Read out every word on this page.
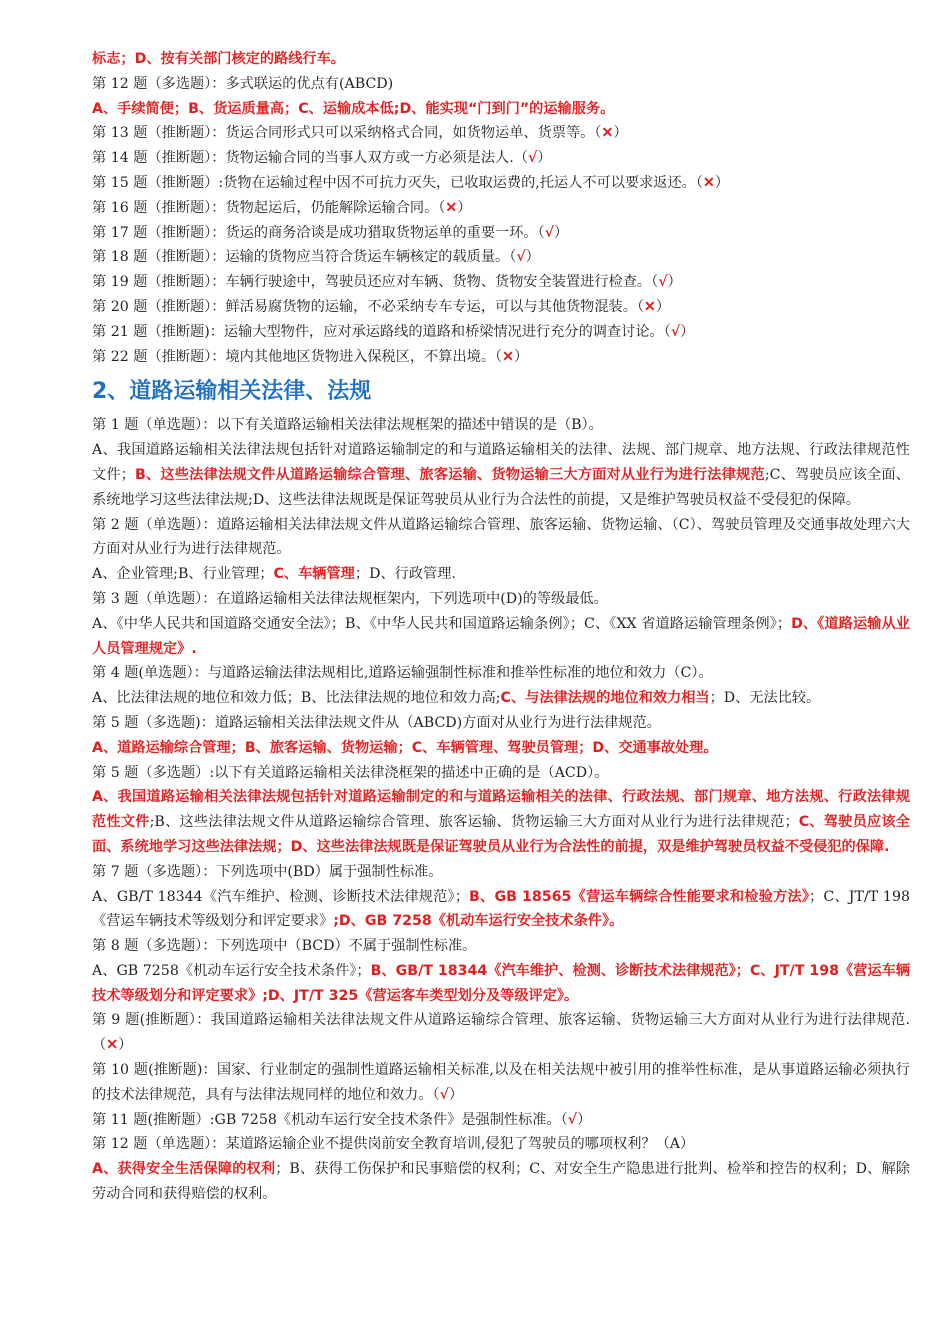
标志；D、按有关部门核定的路线行车。

第 12 题（多选题）：多式联运的优点有(ABCD)

A、手续简便；B、货运质量高；C、运输成本低;D、能实现“门到门”的运输服务。

第 13 题（推断题）：货运合同形式只可以采纳格式合同，如货物运单、货票等。（✕）

第 14 题（推断题）：货物运输合同的当事人双方或一方必须是法人.（√）

第 15 题（推断题）:货物在运输过程中因不可抗力灭失，已收取运费的,托运人不可以要求返还。（✕）

第 16 题（推断题）：货物起运后，仍能解除运输合同。（✕）

第 17 题（推断题）：货运的商务洽谈是成功猎取货物运单的重要一环。（√）

第 18 题（推断题）：运输的货物应当符合货运车辆核定的载质量。（√）

第 19 题（推断题）：车辆行驶途中，驾驶员还应对车辆、货物、货物安全装置进行检查。（√）

第 20 题（推断题）：鲜活易腐货物的运输，不必采纳专车专运，可以与其他货物混装。（✕）

第 21 题（推断题)：运输大型物件，应对承运路线的道路和桥梁情况进行充分的调查讨论。（√）

第 22 题（推断题）：境内其他地区货物进入保税区，不算出境。（✕）

2、道路运输相关法律、法规

第 1 题（单选题）：以下有关道路运输相关法律法规框架的描述中错误的是（B）。

A、我国道路运输相关法律法规包括针对道路运输制定的和与道路运输相关的法律、法规、部门规章、地方法规、行政法律规范性文件；B、这些法律法规文件从道路运输综合管理、旅客运输、货物运输三大方面对从业行为进行法律规范;C、驾驶员应该全面、系统地学习这些法律法规;D、这些法律法规既是保证驾驶员从业行为合法性的前提，又是维护驾驶员权益不受侵犯的保障。

第 2 题（单选题）：道路运输相关法律法规文件从道路运输综合管理、旅客运输、货物运输、（C）、驾驶员管理及交通事故处理六大方面对从业行为进行法律规范。

A、企业管理;B、行业管理；C、车辆管理；D、行政管理.

第 3 题（单选题）：在道路运输相关法律法规框架内，下列选项中(D)的等级最低。

A、《中华人民共和国道路交通安全法》；B、《中华人民共和国道路运输条例》；C、《XX 省道路运输管理条例》；D、《道路运输从业人员管理规定》.

第 4 题(单选题）：与道路运输法律法规相比,道路运输强制性标准和推举性标准的地位和效力（C）。

A、比法律法规的地位和效力低；B、比法律法规的地位和效力高;C、与法律法规的地位和效力相当；D、无法比较。

第 5 题（多选题)：道路运输相关法律法规文件从（ABCD)方面对从业行为进行法律规范。

A、道路运输综合管理；B、旅客运输、货物运输；C、车辆管理、驾驶员管理；D、交通事故处理。

第 5 题（多选题）:以下有关道路运输相关法律浇框架的描述中正确的是（ACD）。

A、我国道路运输相关法律法规包括针对道路运输制定的和与道路运输相关的法律、行政法规、部门规章、地方法规、行政法律规范性文件;B、这些法律法规文件从道路运输综合管理、旅客运输、货物运输三大方面对从业行为进行法律规范；C、驾驶员应该全面、系统地学习这些法律法规；D、这些法律法规既是保证驾驶员从业行为合法性的前提，双是维护驾驶员权益不受侵犯的保障.

第 7 题（多选题）：下列选项中(BD）属于强制性标准。

A、GB/T 18344《汽车维护、检测、诊断技术法律规范》；B、GB 18565《营运车辆综合性能要求和检验方法》；C、JT/T 198《营运车辆技术等级划分和评定要求》;D、GB 7258《机动车运行安全技术条件》。

第 8 题（多选题）：下列选项中（BCD）不属于强制性标准。

A、GB 7258《机动车运行安全技术条件》；B、GB/T 18344《汽车维护、检测、诊断技术法律规范》；C、JT/T 198《营运车辆技术等级划分和评定要求》;D、JT/T 325《营运客车类型划分及等级评定》。

第 9 题(推断题）：我国道路运输相关法律法规文件从道路运输综合管理、旅客运输、货物运输三大方面对从业行为进行法律规范.（✕）

第 10 题(推断题)：国家、行业制定的强制性道路运输相关标准,以及在相关法规中被引用的推举性标准，是从事道路运输必须执行的技术法律规范，具有与法律法规同样的地位和效力。（√）

第 11 题(推断题）:GB 7258《机动车运行安全技术条件》是强制性标准。（√）

第 12 题（单选题）：某道路运输企业不提供岗前安全教育培训,侵犯了驾驶员的哪项权利？（A）

A、获得安全生活保障的权利；B、获得工伤保护和民事赔偿的权利；C、对安全生产隐患进行批判、检举和控告的权利；D、解除劳动合同和获得赔偿的权利。
